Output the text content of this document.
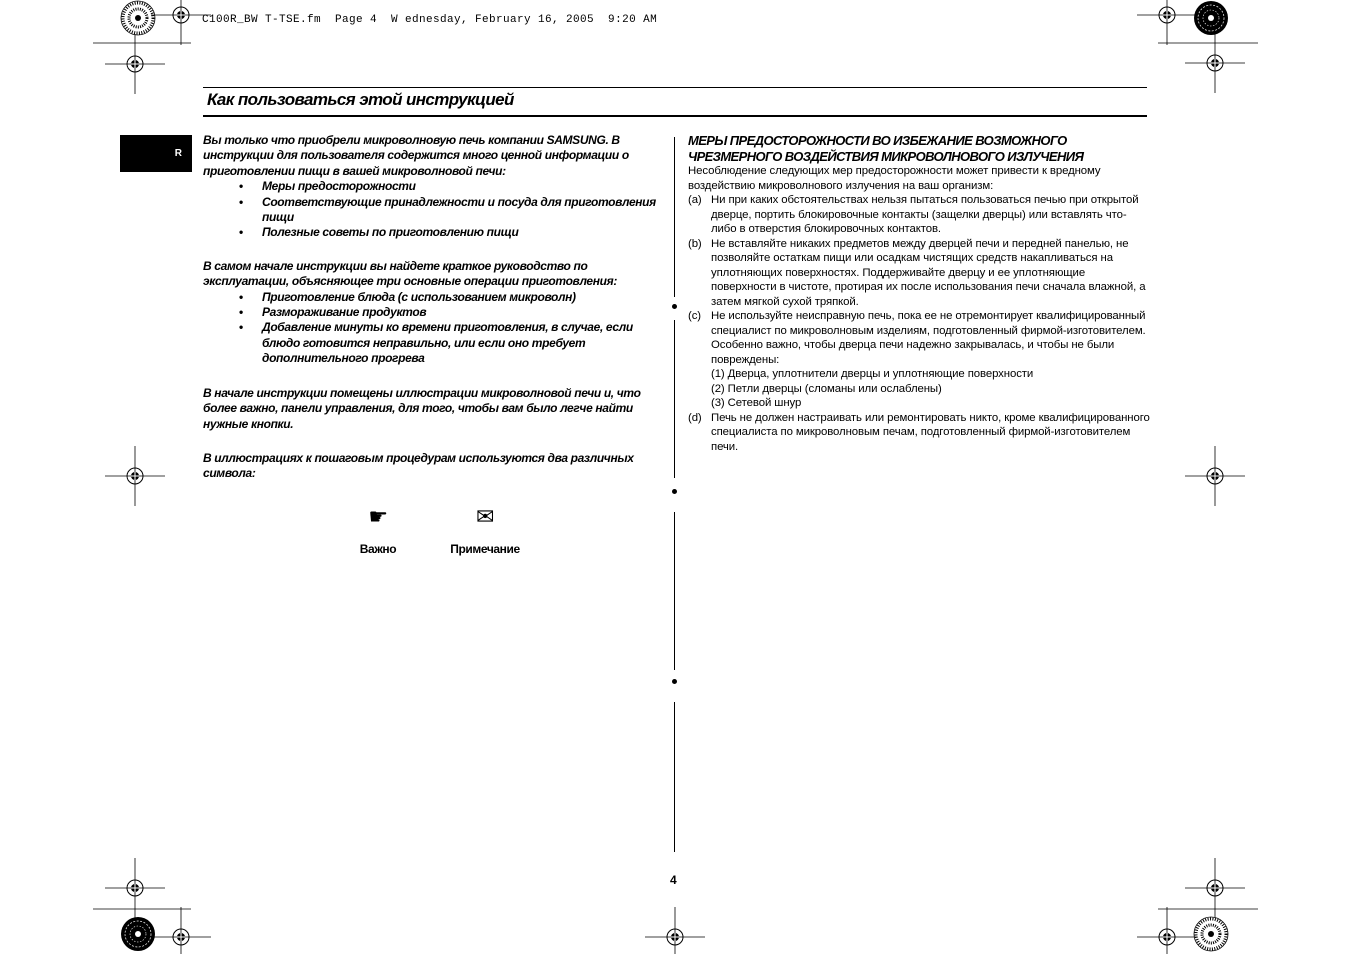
C100R_BW T-TSE.fm  Page 4  W ednesday, February 16, 2005  9:20 AM
Как пользоваться этой инструкцией
R

Вы только что приобрели микроволновую печь компании SAMSUNG. В инструкции для пользователя содержится много ценной информации о приготовлении пищи в вашей микроволновой печи:

• Меры предосторожности
• Соответствующие принадлежности и посуда для приготовления пищи
• Полезные советы по приготовлению пищи

В самом начале инструкции вы найдете краткое руководство по эксплуатации, объясняющее три основные операции приготовления:

• Приготовление блюда (с использованием микроволн)
• Размораживание продуктов
• Добавление минуты ко времени приготовления, в случае, если блюдо готовится неправильно, или если оно требует дополнительного прогрева

В начале инструкции помещены иллюстрации микроволновой печи и, что более важно, панели управления, для того, чтобы вам было легче найти нужные кнопки.

В иллюстрациях к пошаговым процедурам используются два различных символа:

☛
Важно
✉
Примечание
МЕРЫ ПРЕДОСТОРОЖНОСТИ ВО ИЗБЕЖАНИЕ ВОЗМОЖНОГО ЧРЕЗМЕРНОГО ВОЗДЕЙСТВИЯ МИКРОВОЛНОВОГО ИЗЛУЧЕНИЯ

Несоблюдение следующих мер предосторожности может привести к вредному воздействию микроволнового излучения на ваш организм:

(a) Ни при каких обстоятельствах нельзя пытаться пользоваться печью при открытой дверце, портить блокировочные контакты (защелки дверцы) или вставлять что-либо в отверстия блокировочных контактов.
(b) Не вставляйте никаких предметов между дверцей печи и передней панелью, не позволяйте остаткам пищи или осадкам чистящих средств накапливаться на уплотняющих поверхностях. Поддерживайте дверцу и ее уплотняющие поверхности в чистоте, протирая их после использования печи сначала влажной, а затем мягкой сухой тряпкой.
(c) Не используйте неисправную печь, пока ее не отремонтирует квалифицированный специалист по микроволновым изделиям, подготовленный фирмой-изготовителем.

Особенно важно, чтобы дверца печи надежно закрывалась, и чтобы не были повреждены:

(1) Дверца, уплотнители дверцы и уплотняющие поверхности

(2) Петли дверцы (сломаны или ослаблены)

(3) Сетевой шнур

(d) Печь не должен настраивать или ремонтировать никто, кроме квалифицированного специалиста по микроволновым печам, подготовленный фирмой-изготовителем печи.
4
